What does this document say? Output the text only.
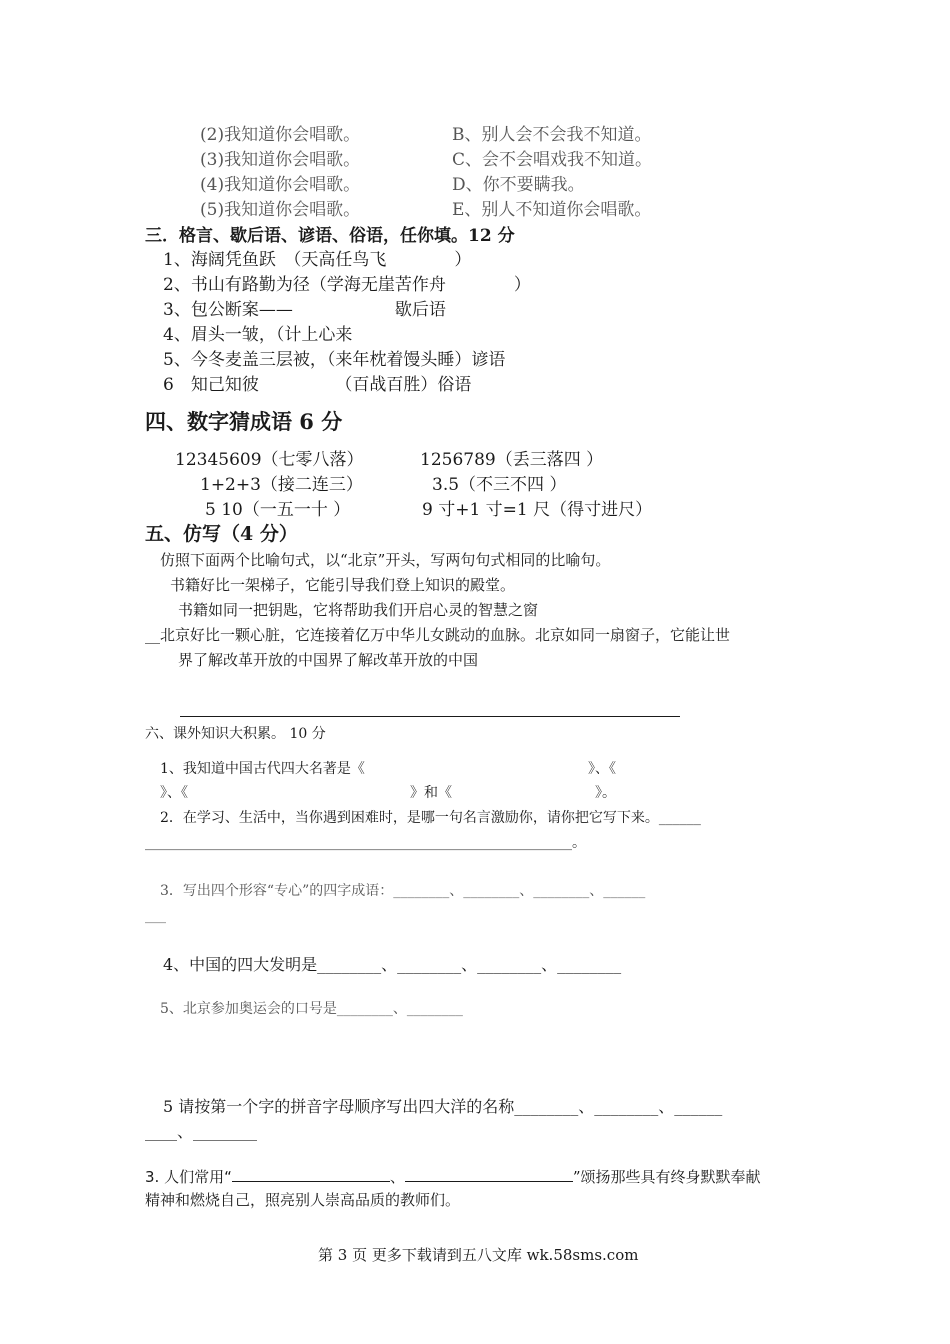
(2)我知道你会唱歌。	B、别人会不会我不知道。
(3)我知道你会唱歌。	C、会不会唱戏我不知道。
(4)我知道你会唱歌。	D、你不要瞒我。
(5)我知道你会唱歌。	E、别人不知道你会唱歌。
三．格言、歇后语、谚语、俗语，任你填。12 分
1、海阔凭鱼跃　（天高任鸟飞　　　　）
2、书山有路勤为径（学海无崖苦作舟　　　　）
3、包公断案——　　　　　　歇后语
4、眉头一皱，（计上心来
5、今冬麦盖三层被，（来年枕着馒头睡）谚语
6　知己知彼　　　　　（百战百胜）俗语
四、数字猜成语 6 分
12345609（七零八落）	1256789（丢三落四 ）
1+2+3（接二连三）	3.5（不三不四 ）
5 10（一五一十 ）	9 寸+1 寸=1 尺（得寸进尺）
五、仿写（4 分）
仿照下面两个比喻句式，以“北京”开头，写两句句式相同的比喻句。
书籍好比一架梯子，它能引导我们登上知识的殿堂。
书籍如同一把钥匙，它将帮助我们开启心灵的智慧之窗
__北京好比一颗心脏，它连接着亿万中华儿女跳动的血脉。北京如同一扇窗子，它能让世
界了解改革开放的中国界了解改革开放的中国
六、课外知识大积累。 10 分
1、我知道中国古代四大名著是《	》、《
》、《	》和《	》。
2．在学习、生活中，当你遇到困难时，是哪一句名言激励你，请你把它写下来。______
_____________________________________________________________。
3．写出四个形容“专心”的四字成语：________、________、________、______
___
4、中国的四大发明是________、________、________、________
5、北京参加奥运会的口号是________、________
5 请按第一个字的拼音字母顺序写出四大洋的名称________、________、______
____、________
3. 人们常用“	、	”颂扬那些具有终身默默奉献
精神和燃烧自己，照亮别人崇高品质的教师们。
第 3 页 更多下载请到五八文库 wk.58sms.com
